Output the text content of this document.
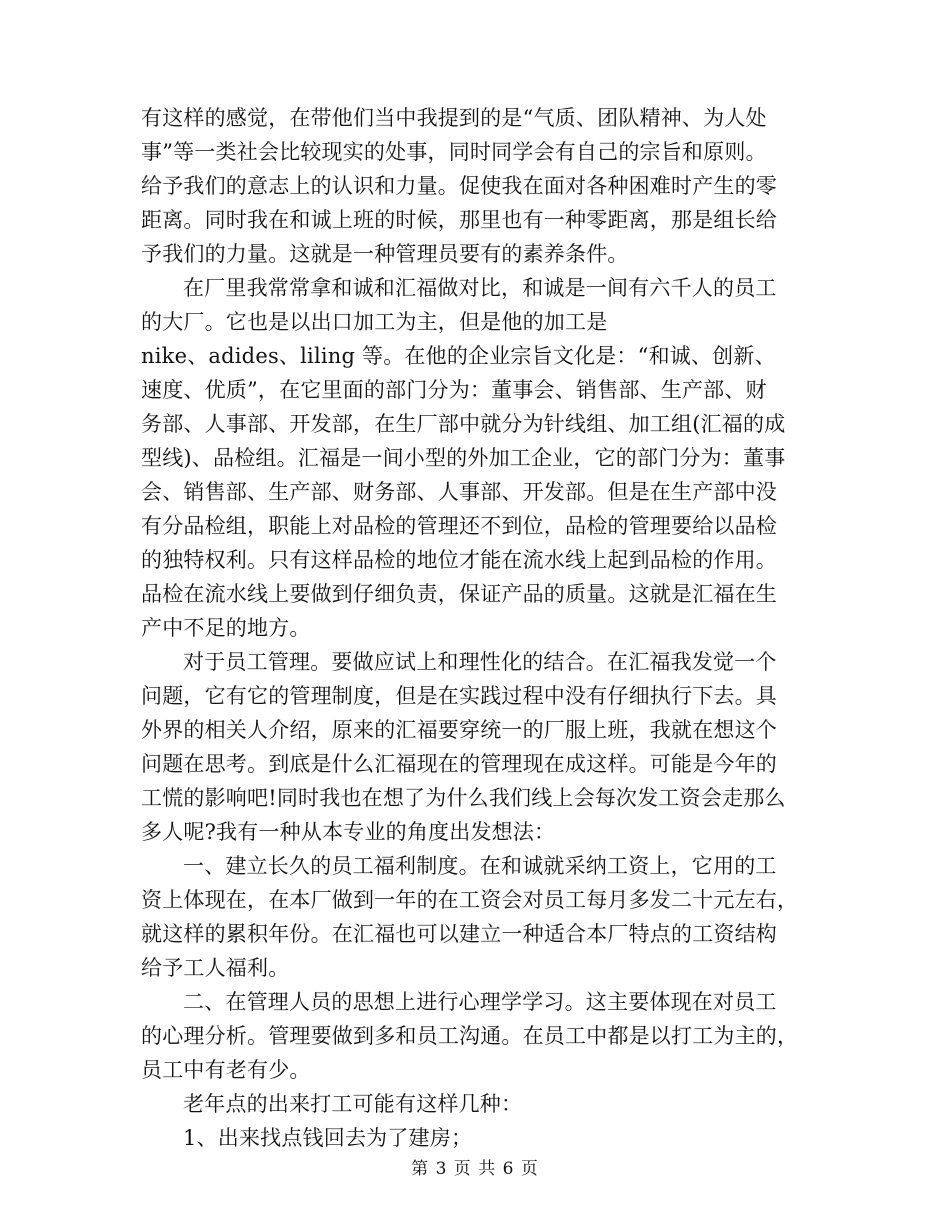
有这样的感觉，在带他们当中我提到的是“气质、团队精神、为人处
事”等一类社会比较现实的处事，同时同学会有自己的宗旨和原则。
给予我们的意志上的认识和力量。促使我在面对各种困难时产生的零
距离。同时我在和诚上班的时候，那里也有一种零距离，那是组长给
予我们的力量。这就是一种管理员要有的素养条件。
在厂里我常常拿和诚和汇福做对比，和诚是一间有六千人的员工
的大厂。它也是以出口加工为主，但是他的加工是
nike、adides、liling 等。在他的企业宗旨文化是：“和诚、创新、
速度、优质”，在它里面的部门分为：董事会、销售部、生产部、财
务部、人事部、开发部，在生厂部中就分为针线组、加工组(汇福的成
型线)、品检组。汇福是一间小型的外加工企业，它的部门分为：董事
会、销售部、生产部、财务部、人事部、开发部。但是在生产部中没
有分品检组，职能上对品检的管理还不到位，品检的管理要给以品检
的独特权利。只有这样品检的地位才能在流水线上起到品检的作用。
品检在流水线上要做到仔细负责，保证产品的质量。这就是汇福在生
产中不足的地方。
对于员工管理。要做应试上和理性化的结合。在汇福我发觉一个
问题，它有它的管理制度，但是在实践过程中没有仔细执行下去。具
外界的相关人介绍，原来的汇福要穿统一的厂服上班，我就在想这个
问题在思考。到底是什么汇福现在的管理现在成这样。可能是今年的
工慌的影响吧!同时我也在想了为什么我们线上会每次发工资会走那么
多人呢?我有一种从本专业的角度出发想法：
一、建立长久的员工福利制度。在和诚就采纳工资上，它用的工
资上体现在，在本厂做到一年的在工资会对员工每月多发二十元左右，
就这样的累积年份。在汇福也可以建立一种适合本厂特点的工资结构
给予工人福利。
二、在管理人员的思想上进行心理学学习。这主要体现在对员工
的心理分析。管理要做到多和员工沟通。在员工中都是以打工为主的，
员工中有老有少。
老年点的出来打工可能有这样几种：
1、出来找点钱回去为了建房；
第 3 页 共 6 页
